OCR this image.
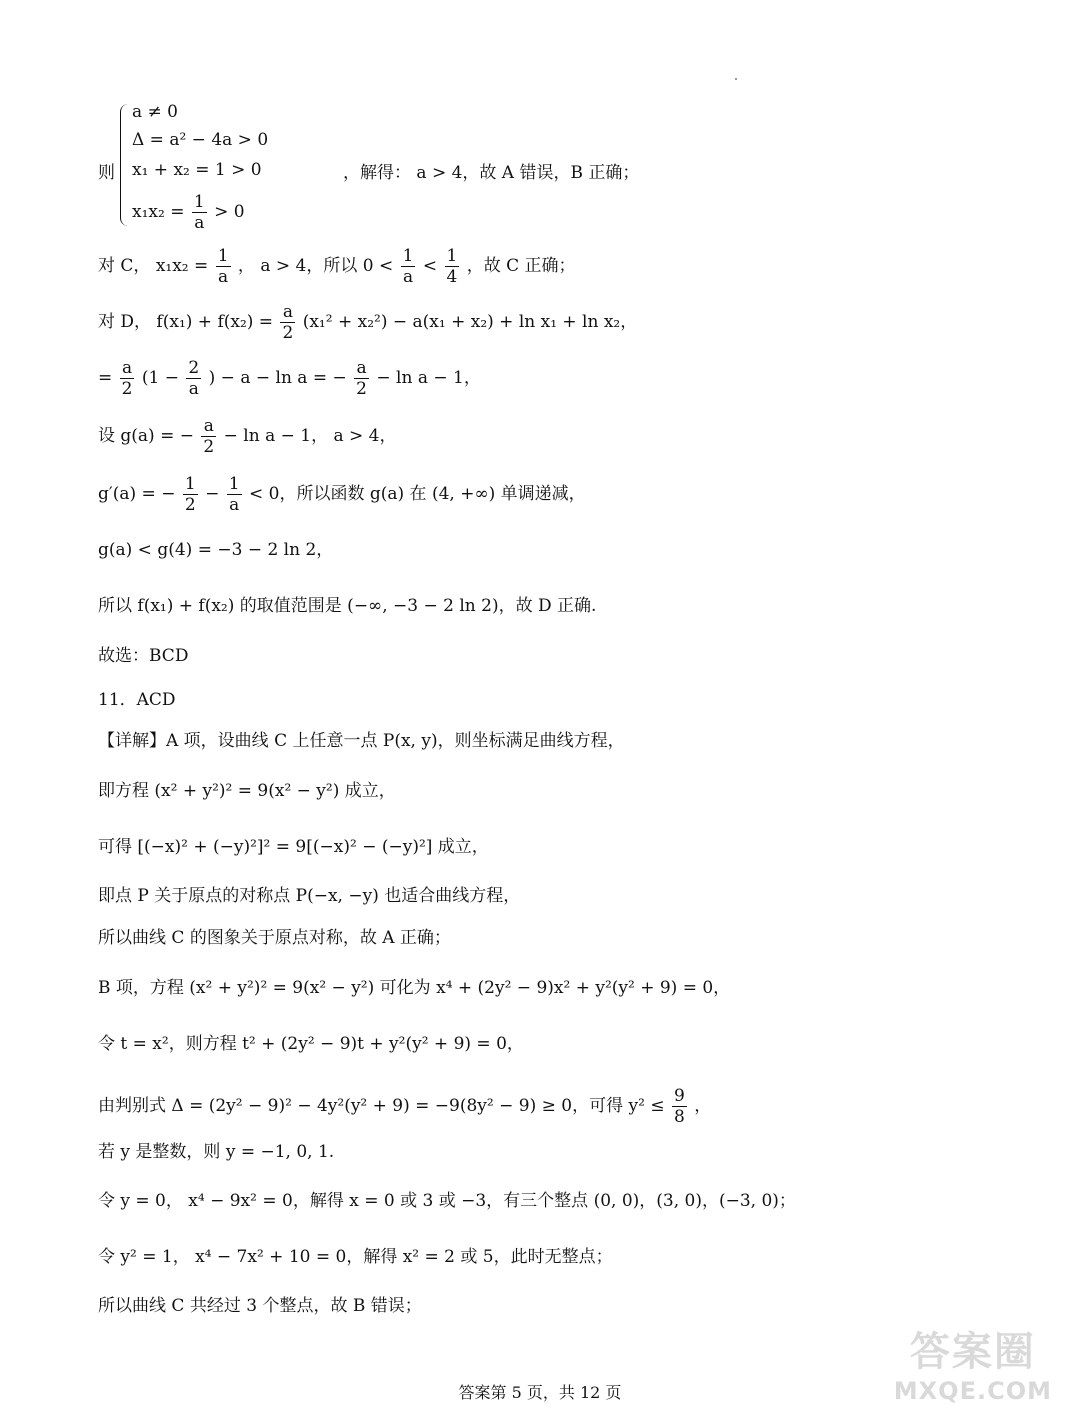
则
a ≠ 0
Δ = a² − 4a > 0
x₁ + x₂ = 1 > 0
$x_1x_2 = \frac{1}{a} > 0$
，解得： a > 4，故 A 错误，B 正确；
对 C， $x_1x_2 = \frac{1}{a}$ ， a > 4，所以 $0 < \frac{1}{a} < \frac{1}{4}$ ，故 C 正确；
对 D， $f(x_1) + f(x_2) = \frac{a}{2} (x_1^2 + x_2^2) - a(x_1 + x_2) + \ln x_1 + \ln x_2$，
= $\frac{a}{2} (1 - \frac{2}{a}$ ) − a − ln a = − $\frac{a}{2} - \ln a - 1$，
设 g(a) = − $\frac{a}{2} - \ln a - 1$， a > 4，
g′(a) = − $\frac{1}{2} - \frac{1}{a} < 0$，所以函数 g(a) 在 (4, +∞) 单调递减，
g(a) < g(4) = −3 − 2 ln 2，
所以 f(x₁) + f(x₂) 的取值范围是 (−∞, −3 − 2 ln 2)，故 D 正确.
故选：BCD
11．ACD
【详解】A 项，设曲线 C 上任意一点 P(x, y)，则坐标满足曲线方程，
即方程 (x² + y²)² = 9(x² − y²) 成立，
可得 [(−x)² + (−y)²]² = 9[(−x)² − (−y)²] 成立，
即点 P 关于原点的对称点 P(−x, −y) 也适合曲线方程，
所以曲线 C 的图象关于原点对称，故 A 正确；
B 项，方程 (x² + y²)² = 9(x² − y²) 可化为 x⁴ + (2y² − 9)x² + y²(y² + 9) = 0，
令 t = x²，则方程 t² + (2y² − 9)t + y²(y² + 9) = 0，
由判别式 Δ = (2y² − 9)² − 4y²(y² + 9) = −9(8y² − 9) ≥ 0，可得 $y^2 \le \frac{9}{8}$ ，
若 y 是整数，则 y = −1, 0, 1.
令 y = 0， x⁴ − 9x² = 0，解得 x = 0 或 3 或 −3，有三个整点 (0, 0)，(3, 0)，(−3, 0)；
令 y² = 1， x⁴ − 7x² + 10 = 0，解得 x² = 2 或 5，此时无整点；
所以曲线 C 共经过 3 个整点，故 B 错误；
答案第 5 页，共 12 页
答案圈
MXQE.COM
